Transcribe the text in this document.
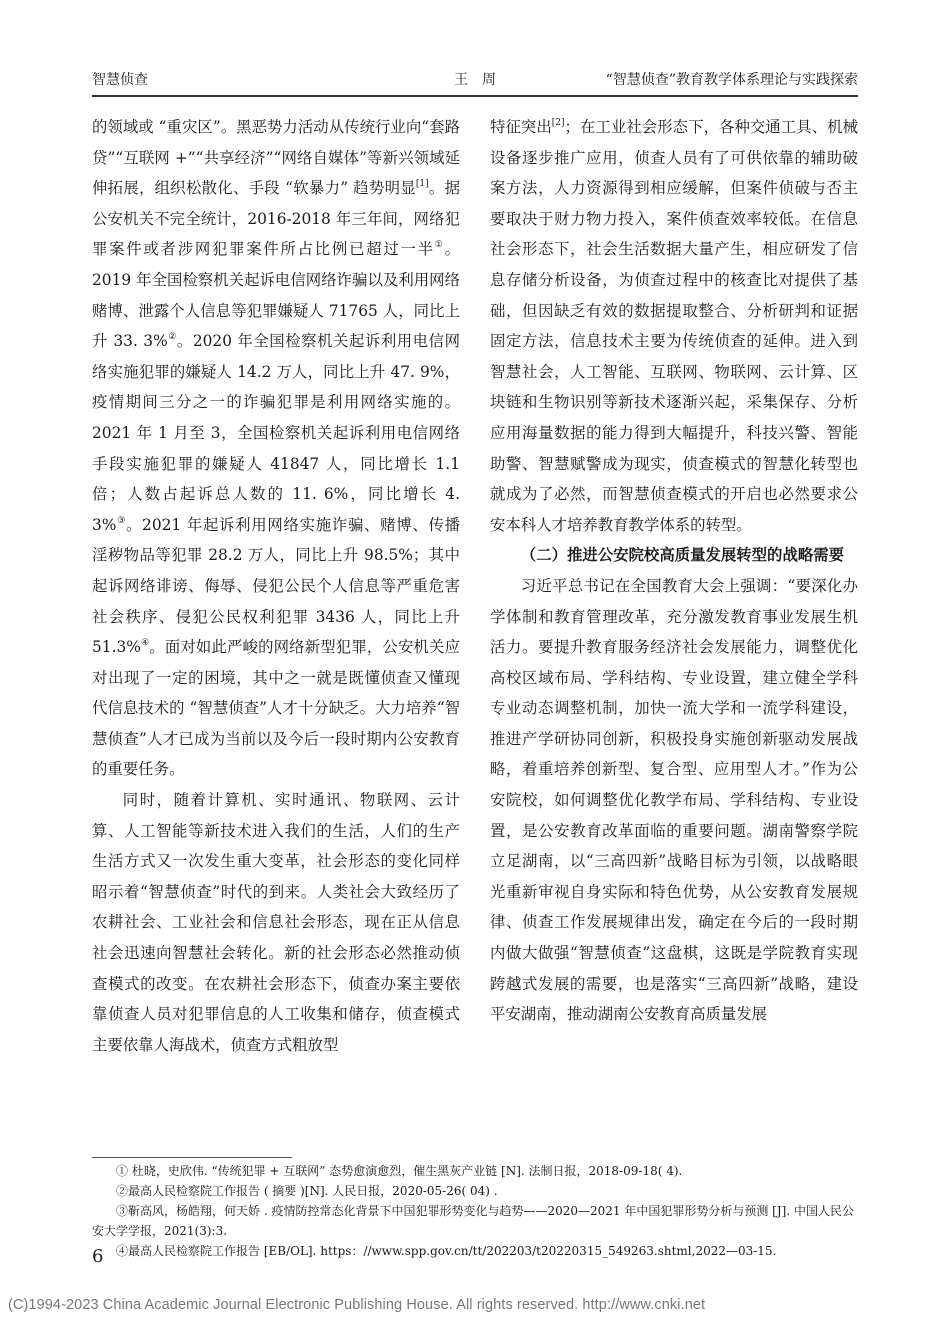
智慧侦查	王　周	“智慧侦查”教育教学体系理论与实践探索

的领域或 “重灾区”。黑恶势力活动从传统行业向“套路贷”“互联网 +”“共享经济”“网络自媒体”等新兴领域延伸拓展，组织松散化、手段 “软暴力” 趋势明显[1]。据公安机关不完全统计，2016-2018 年三年间，网络犯罪案件或者涉网犯罪案件所占比例已超过一半①。2019 年全国检察机关起诉电信网络诈骗以及利用网络赌博、泄露个人信息等犯罪嫌疑人 71765 人，同比上升 33. 3%②。2020 年全国检察机关起诉利用电信网络实施犯罪的嫌疑人 14.2 万人，同比上升 47. 9%，疫情期间三分之一的诈骗犯罪是利用网络实施的。2021 年 1 月至 3，全国检察机关起诉利用电信网络手段实施犯罪的嫌疑人 41847 人，同比增长 1.1 倍；人数占起诉总人数的 11. 6%，同比增长 4. 3%③。2021 年起诉利用网络实施诈骗、赌博、传播淫秽物品等犯罪 28.2 万人，同比上升 98.5%；其中起诉网络诽谤、侮辱、侵犯公民个人信息等严重危害社会秩序、侵犯公民权利犯罪 3436 人，同比上升 51.3%④。面对如此严峻的网络新型犯罪，公安机关应对出现了一定的困境，其中之一就是既懂侦查又懂现代信息技术的 “智慧侦查”人才十分缺乏。大力培养“智慧侦查”人才已成为当前以及今后一段时期内公安教育的重要任务。

同时，随着计算机、实时通讯、物联网、云计算、人工智能等新技术进入我们的生活，人们的生产生活方式又一次发生重大变革，社会形态的变化同样昭示着“智慧侦查”时代的到来。人类社会大致经历了农耕社会、工业社会和信息社会形态，现在正从信息社会迅速向智慧社会转化。新的社会形态必然推动侦查模式的改变。在农耕社会形态下，侦查办案主要依靠侦查人员对犯罪信息的人工收集和储存，侦查模式主要依靠人海战术，侦查方式粗放型

特征突出[2]；在工业社会形态下，各种交通工具、机械设备逐步推广应用，侦查人员有了可供依靠的辅助破案方法，人力资源得到相应缓解，但案件侦破与否主要取决于财力物力投入，案件侦查效率较低。在信息社会形态下，社会生活数据大量产生，相应研发了信息存储分析设备，为侦查过程中的核查比对提供了基础，但因缺乏有效的数据提取整合、分析研判和证据固定方法，信息技术主要为传统侦查的延伸。进入到智慧社会，人工智能、互联网、物联网、云计算、区块链和生物识别等新技术逐渐兴起，采集保存、分析应用海量数据的能力得到大幅提升，科技兴警、智能助警、智慧赋警成为现实，侦查模式的智慧化转型也就成为了必然，而智慧侦查模式的开启也必然要求公安本科人才培养教育教学体系的转型。

（二）推进公安院校高质量发展转型的战略需要

习近平总书记在全国教育大会上强调：“要深化办学体制和教育管理改革，充分激发教育事业发展生机活力。要提升教育服务经济社会发展能力，调整优化高校区域布局、学科结构、专业设置，建立健全学科专业动态调整机制，加快一流大学和一流学科建设，推进产学研协同创新，积极投身实施创新驱动发展战略，着重培养创新型、复合型、应用型人才。”作为公安院校，如何调整优化教学布局、学科结构、专业设置，是公安教育改革面临的重要问题。湖南警察学院立足湖南，以“三高四新”战略目标为引领，以战略眼光重新审视自身实际和特色优势，从公安教育发展规律、侦查工作发展规律出发，确定在今后的一段时期内做大做强“智慧侦查”这盘棋，这既是学院教育实现跨越式发展的需要，也是落实“三高四新”战略，建设平安湖南，推动湖南公安教育高质量发展

① 杜晓，史欣伟. “传统犯罪 + 互联网” 态势愈演愈烈，催生黑灰产业链 [N]. 法制日报，2018-09-18( 4).

②最高人民检察院工作报告 ( 摘要 )[N]. 人民日报，2020-05-26( 04) .

③靳高风，杨皓翔，何天娇 . 疫情防控常态化背景下中国犯罪形势变化与趋势——2020—2021 年中国犯罪形势分析与预测 [J]. 中国人民公安大学学报，2021(3):3.

④最高人民检察院工作报告 [EB/OL]. https：//www.spp.gov.cn/tt/202203/t20220315_549263.shtml,2022—03-15.

6
(C)1994-2023 China Academic Journal Electronic Publishing House. All rights reserved. http://www.cnki.net
